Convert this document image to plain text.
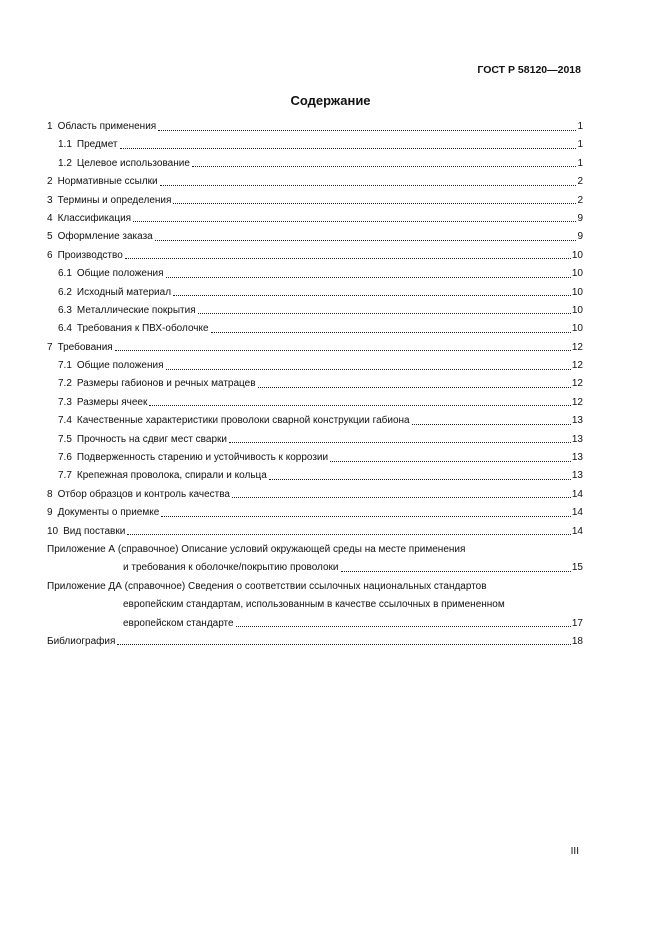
ГОСТ Р 58120—2018
Содержание
1 Область применения	1
1.1 Предмет	1
1.2 Целевое использование	1
2 Нормативные ссылки	2
3 Термины и определения	2
4 Классификация	9
5 Оформление заказа	9
6 Производство	10
6.1 Общие положения	10
6.2 Исходный материал	10
6.3 Металлические покрытия	10
6.4 Требования к ПВХ-оболочке	10
7 Требования	12
7.1 Общие положения	12
7.2 Размеры габионов и речных матрацев	12
7.3 Размеры ячеек	12
7.4 Качественные характеристики проволоки сварной конструкции габиона	13
7.5 Прочность на сдвиг мест сварки	13
7.6 Подверженность старению и устойчивость к коррозии	13
7.7 Крепежная проволока, спирали и кольца	13
8 Отбор образцов и контроль качества	14
9 Документы о приемке	14
10 Вид поставки	14
Приложение А (справочное) Описание условий окружающей среды на месте применения
и требования к оболочке/покрытию проволоки	15
Приложение ДА (справочное) Сведения о соответствии ссылочных национальных стандартов
европейским стандартам, использованным в качестве ссылочных в примененном
европейском стандарте	17
Библиография	18
III
